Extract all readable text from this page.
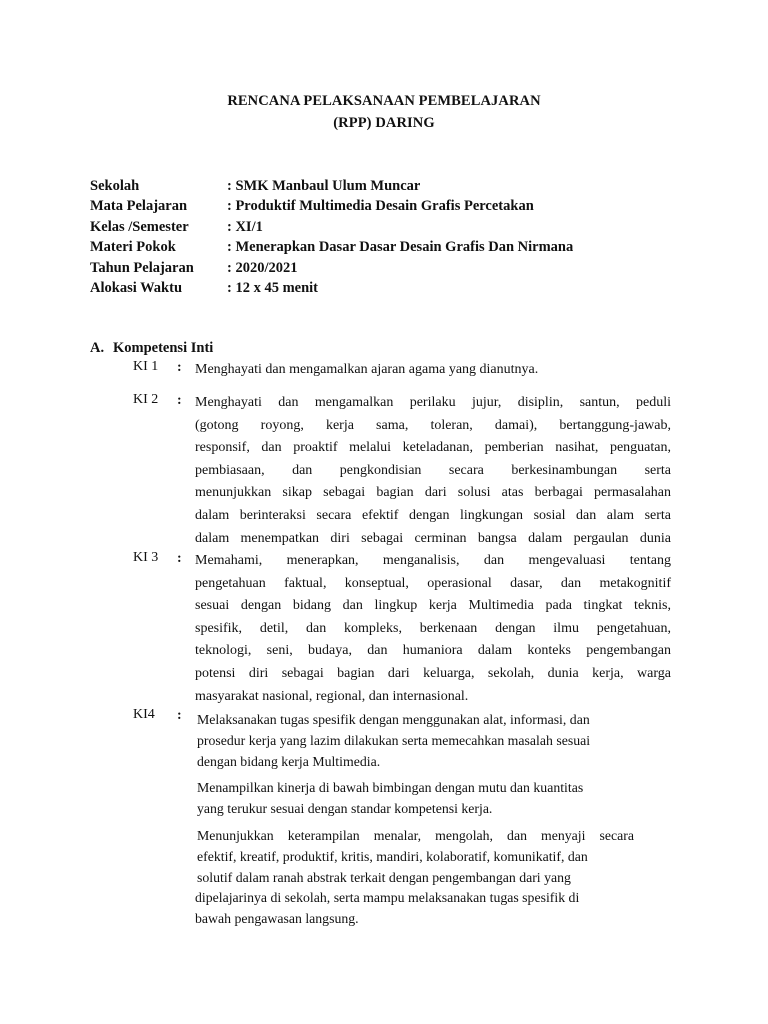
RENCANA PELAKSANAAN PEMBELAJARAN
(RPP) DARING
Sekolah	: SMK Manbaul Ulum Muncar
Mata Pelajaran	: Produktif Multimedia Desain Grafis Percetakan
Kelas /Semester	: XI/1
Materi Pokok	: Menerapkan Dasar Dasar Desain Grafis Dan Nirmana
Tahun Pelajaran	: 2020/2021
Alokasi Waktu	: 12 x 45 menit
A. Kompetensi Inti
KI 1	: Menghayati dan mengamalkan ajaran agama yang dianutnya.
KI 2	: Menghayati dan mengamalkan perilaku jujur, disiplin, santun, peduli
(gotong royong, kerja sama, toleran, damai), bertanggung-jawab,
responsif, dan proaktif melalui keteladanan, pemberian nasihat, penguatan,
pembiasaan, dan pengkondisian secara berkesinambungan serta
menunjukkan sikap sebagai bagian dari solusi atas berbagai permasalahan
dalam berinteraksi secara efektif dengan lingkungan sosial dan alam serta
dalam menempatkan diri sebagai cerminan bangsa dalam pergaulan dunia
KI 3	: Memahami, menerapkan, menganalisis, dan mengevaluasi tentang
pengetahuan faktual, konseptual, operasional dasar, dan metakognitif
sesuai dengan bidang dan lingkup kerja Multimedia pada tingkat teknis,
spesifik, detil, dan kompleks, berkenaan dengan ilmu pengetahuan,
teknologi, seni, budaya, dan humaniora dalam konteks pengembangan
potensi diri sebagai bagian dari keluarga, sekolah, dunia kerja, warga
masyarakat nasional, regional, dan internasional.
KI4	: Melaksanakan tugas spesifik dengan menggunakan alat, informasi, dan
prosedur kerja yang lazim dilakukan serta memecahkan masalah sesuai
dengan bidang kerja Multimedia.
Menampilkan kinerja di bawah bimbingan dengan mutu dan kuantitas
yang terukur sesuai dengan standar kompetensi kerja.
Menunjukkan keterampilan menalar, mengolah, dan menyaji secara
efektif, kreatif, produktif, kritis, mandiri, kolaboratif, komunikatif, dan
solutif dalam ranah abstrak terkait dengan pengembangan dari yang
dipelajarinya di sekolah, serta mampu melaksanakan tugas spesifik di
bawah pengawasan langsung.
